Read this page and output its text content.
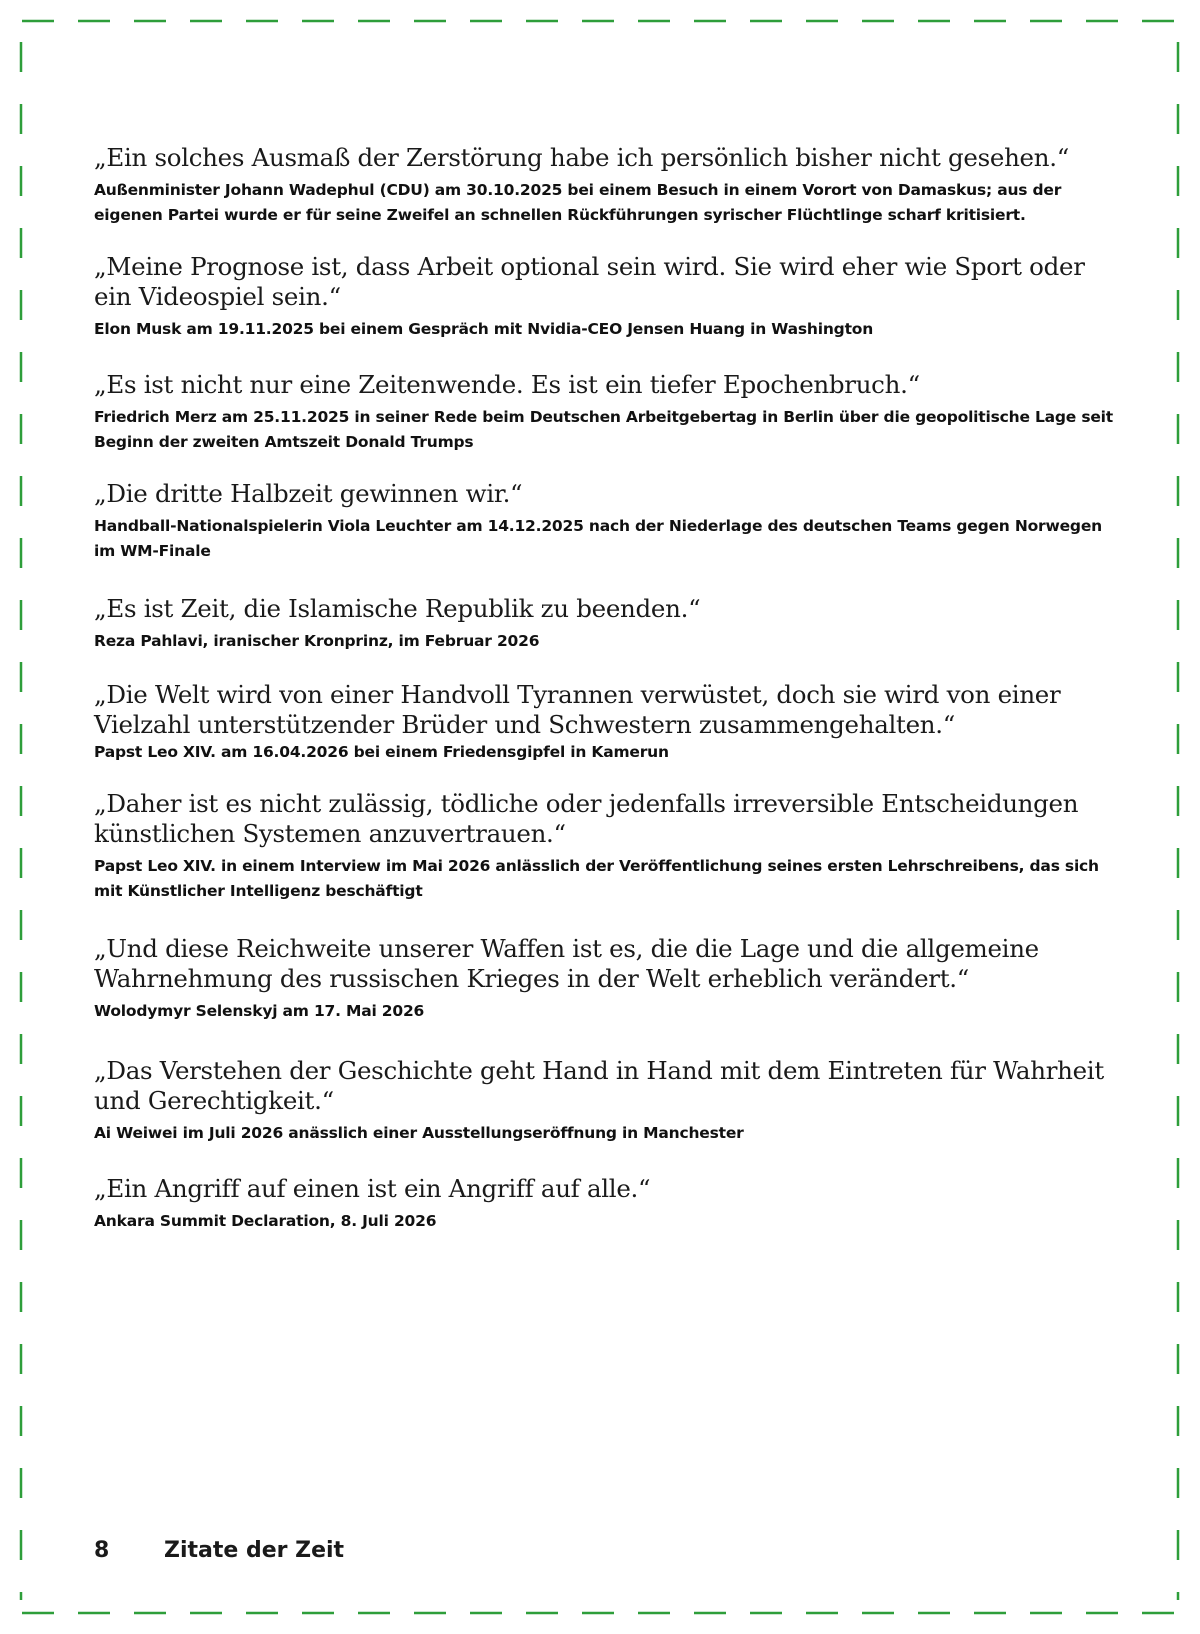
„Ein solches Ausmaß der Zerstörung habe ich persönlich bisher nicht gesehen.“

Außenminister Johann Wadephul (CDU) am 30.10.2025 bei einem Besuch in einem Vorort von Damaskus; aus der eigenen Partei wurde er für seine Zweifel an schnellen Rückführungen syrischer Flüchtlinge scharf kritisiert.

„Meine Prognose ist, dass Arbeit optional sein wird. Sie wird eher wie Sport oder ein Videospiel sein.“

Elon Musk am 19.11.2025 bei einem Gespräch mit Nvidia-CEO Jensen Huang in Washington

„Es ist nicht nur eine Zeitenwende. Es ist ein tiefer Epochenbruch.“

Friedrich Merz am 25.11.2025 in seiner Rede beim Deutschen Arbeitgebertag in Berlin über die geopolitische Lage seit Beginn der zweiten Amtszeit Donald Trumps

„Die dritte Halbzeit gewinnen wir.“

Handball-Nationalspielerin Viola Leuchter am 14.12.2025 nach der Niederlage des deutschen Teams gegen Norwegen im WM-Finale

„Es ist Zeit, die Islamische Republik zu beenden.“

Reza Pahlavi, iranischer Kronprinz, im Februar 2026

„Die Welt wird von einer Handvoll Tyrannen verwüstet, doch sie wird von einer Vielzahl unterstützender Brüder und Schwestern zusammengehalten.“

Papst Leo XIV. am 16.04.2026 bei einem Friedensgipfel in Kamerun

„Daher ist es nicht zulässig, tödliche oder jedenfalls irreversible Entscheidungen künstlichen Systemen anzuvertrauen.“

Papst Leo XIV. in einem Interview im Mai 2026 anlässlich der Veröffentlichung seines ersten Lehrschreibens, das sich mit Künstlicher Intelligenz beschäftigt

„Und diese Reichweite unserer Waffen ist es, die die Lage und die allgemeine Wahrnehmung des russischen Krieges in der Welt erheblich verändert.“

Wolodymyr Selenskyj am 17. Mai 2026

„Das Verstehen der Geschichte geht Hand in Hand mit dem Eintreten für Wahrheit und Gerechtigkeit.“

Ai Weiwei im Juli 2026 anässlich einer Ausstellungseröffnung in Manchester

„Ein Angriff auf einen ist ein Angriff auf alle.“

Ankara Summit Declaration, 8. Juli 2026

8 Zitate der Zeit
